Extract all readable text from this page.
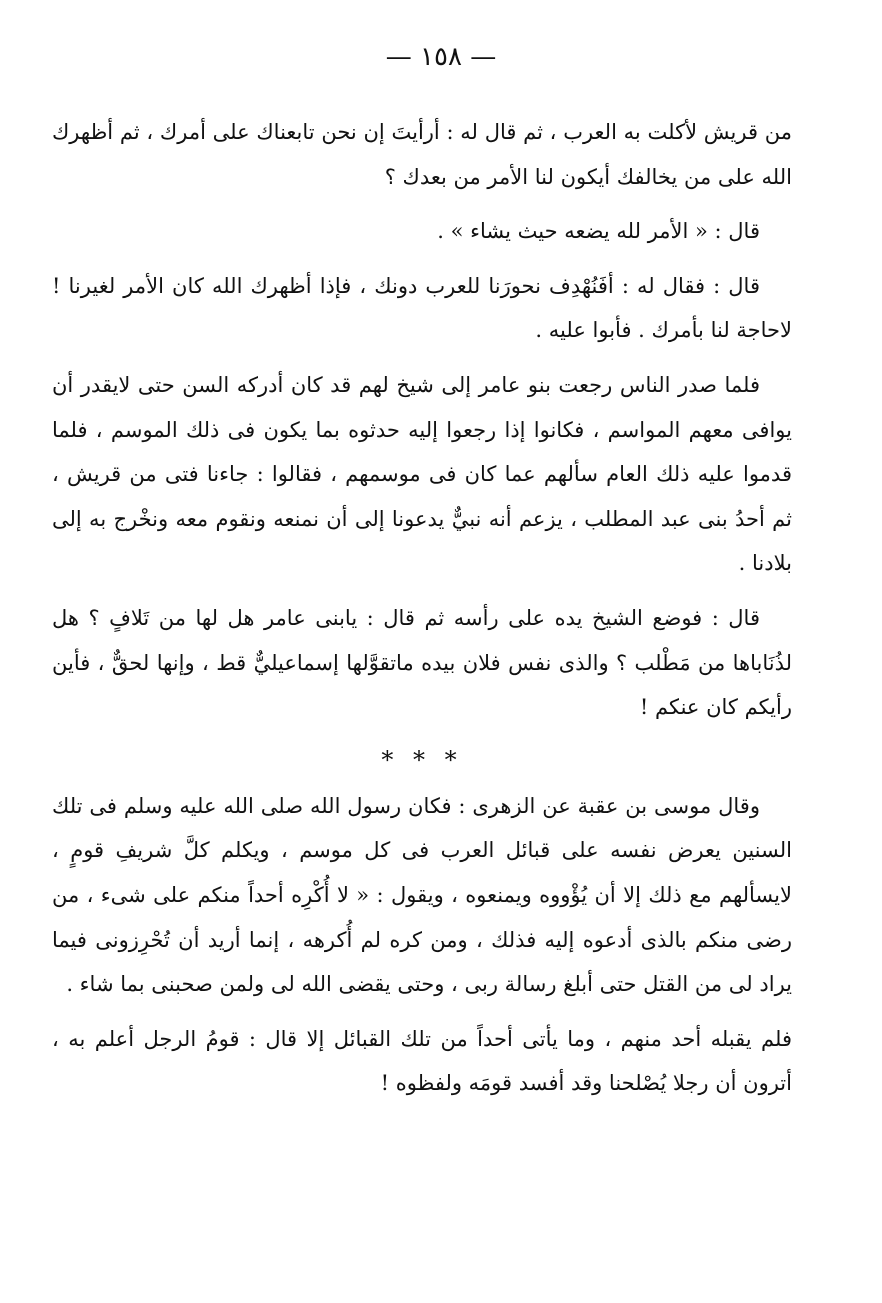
— ١٥٨ —

من قريش لأكلت به العرب ، ثم قال له : أرأيتَ إن نحن تابعناك على أمرك ، ثم أظهرك الله على من يخالفك أيكون لنا الأمر من بعدك ؟

قال : « الأمر لله يضعه حيث يشاء » .

قال : فقال له : أفَنُهْدِف نحورَنا للعرب دونك ، فإذا أظهرك الله كان الأمر لغيرنا ! لاحاجة لنا بأمرك . فأبوا عليه .

فلما صدر الناس رجعت بنو عامر إلى شيخ لهم قد كان أدركه السن حتى لايقدر أن يوافى معهم المواسم ، فكانوا إذا رجعوا إليه حدثوه بما يكون فى ذلك الموسم ، فلما قدموا عليه ذلك العام سألهم عما كان فى موسمهم ، فقالوا : جاءنا فتى من قريش ، ثم أحدُ بنى عبد المطلب ، يزعم أنه نبيٌّ يدعونا إلى أن نمنعه ونقوم معه ونخْرج به إلى بلادنا .

قال : فوضع الشيخ يده على رأسه ثم قال : يابنى عامر هل لها من تَلافٍ ؟ هل لذُنَاباها من مَطْلب ؟ والذى نفس فلان بيده ماتقوَّلها إسماعيليٌّ قط ، وإنها لحقٌّ ، فأين رأيكم كان عنكم !

* * *

وقال موسى بن عقبة عن الزهرى : فكان رسول الله صلى الله عليه وسلم فى تلك السنين يعرض نفسه على قبائل العرب فى كل موسم ، ويكلم كلَّ شريفِ قومٍ ، لايسألهم مع ذلك إلا أن يُؤْووه ويمنعوه ، ويقول : « لا أُكْرِه أحداً منكم على شىء ، من رضى منكم بالذى أدعوه إليه فذلك ، ومن كره لم أُكرهه ، إنما أريد أن تُحْرِزونى فيما يراد لى من القتل حتى أبلغ رسالة ربى ، وحتى يقضى الله لى ولمن صحبنى بما شاء .

فلم يقبله أحد منهم ، وما يأتى أحداً من تلك القبائل إلا قال : قومُ الرجل أعلم به ، أترون أن رجلا يُصْلحنا وقد أفسد قومَه ولفظوه !
